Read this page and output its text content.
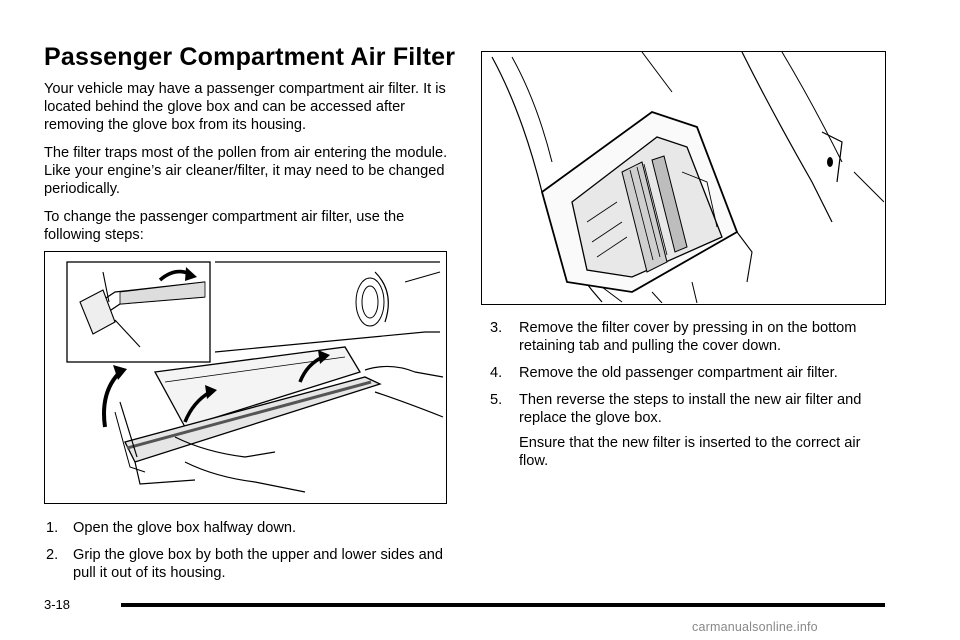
Passenger Compartment Air Filter

Your vehicle may have a passenger compartment air filter. It is located behind the glove box and can be accessed after removing the glove box from its housing.

The filter traps most of the pollen from air entering the module. Like your engine’s air cleaner/filter, it may need to be changed periodically.

To change the passenger compartment air filter, use the following steps:

1.	Open the glove box halfway down.
2.	Grip the glove box by both the upper and lower sides and pull it out of its housing.
3.	Remove the filter cover by pressing in on the bottom retaining tab and pulling the cover down.
4.	Remove the old passenger compartment air filter.
5.	Then reverse the steps to install the new air filter and replace the glove box.

Ensure that the new filter is inserted to the correct air flow.

3-18
carmanualsonline.info
